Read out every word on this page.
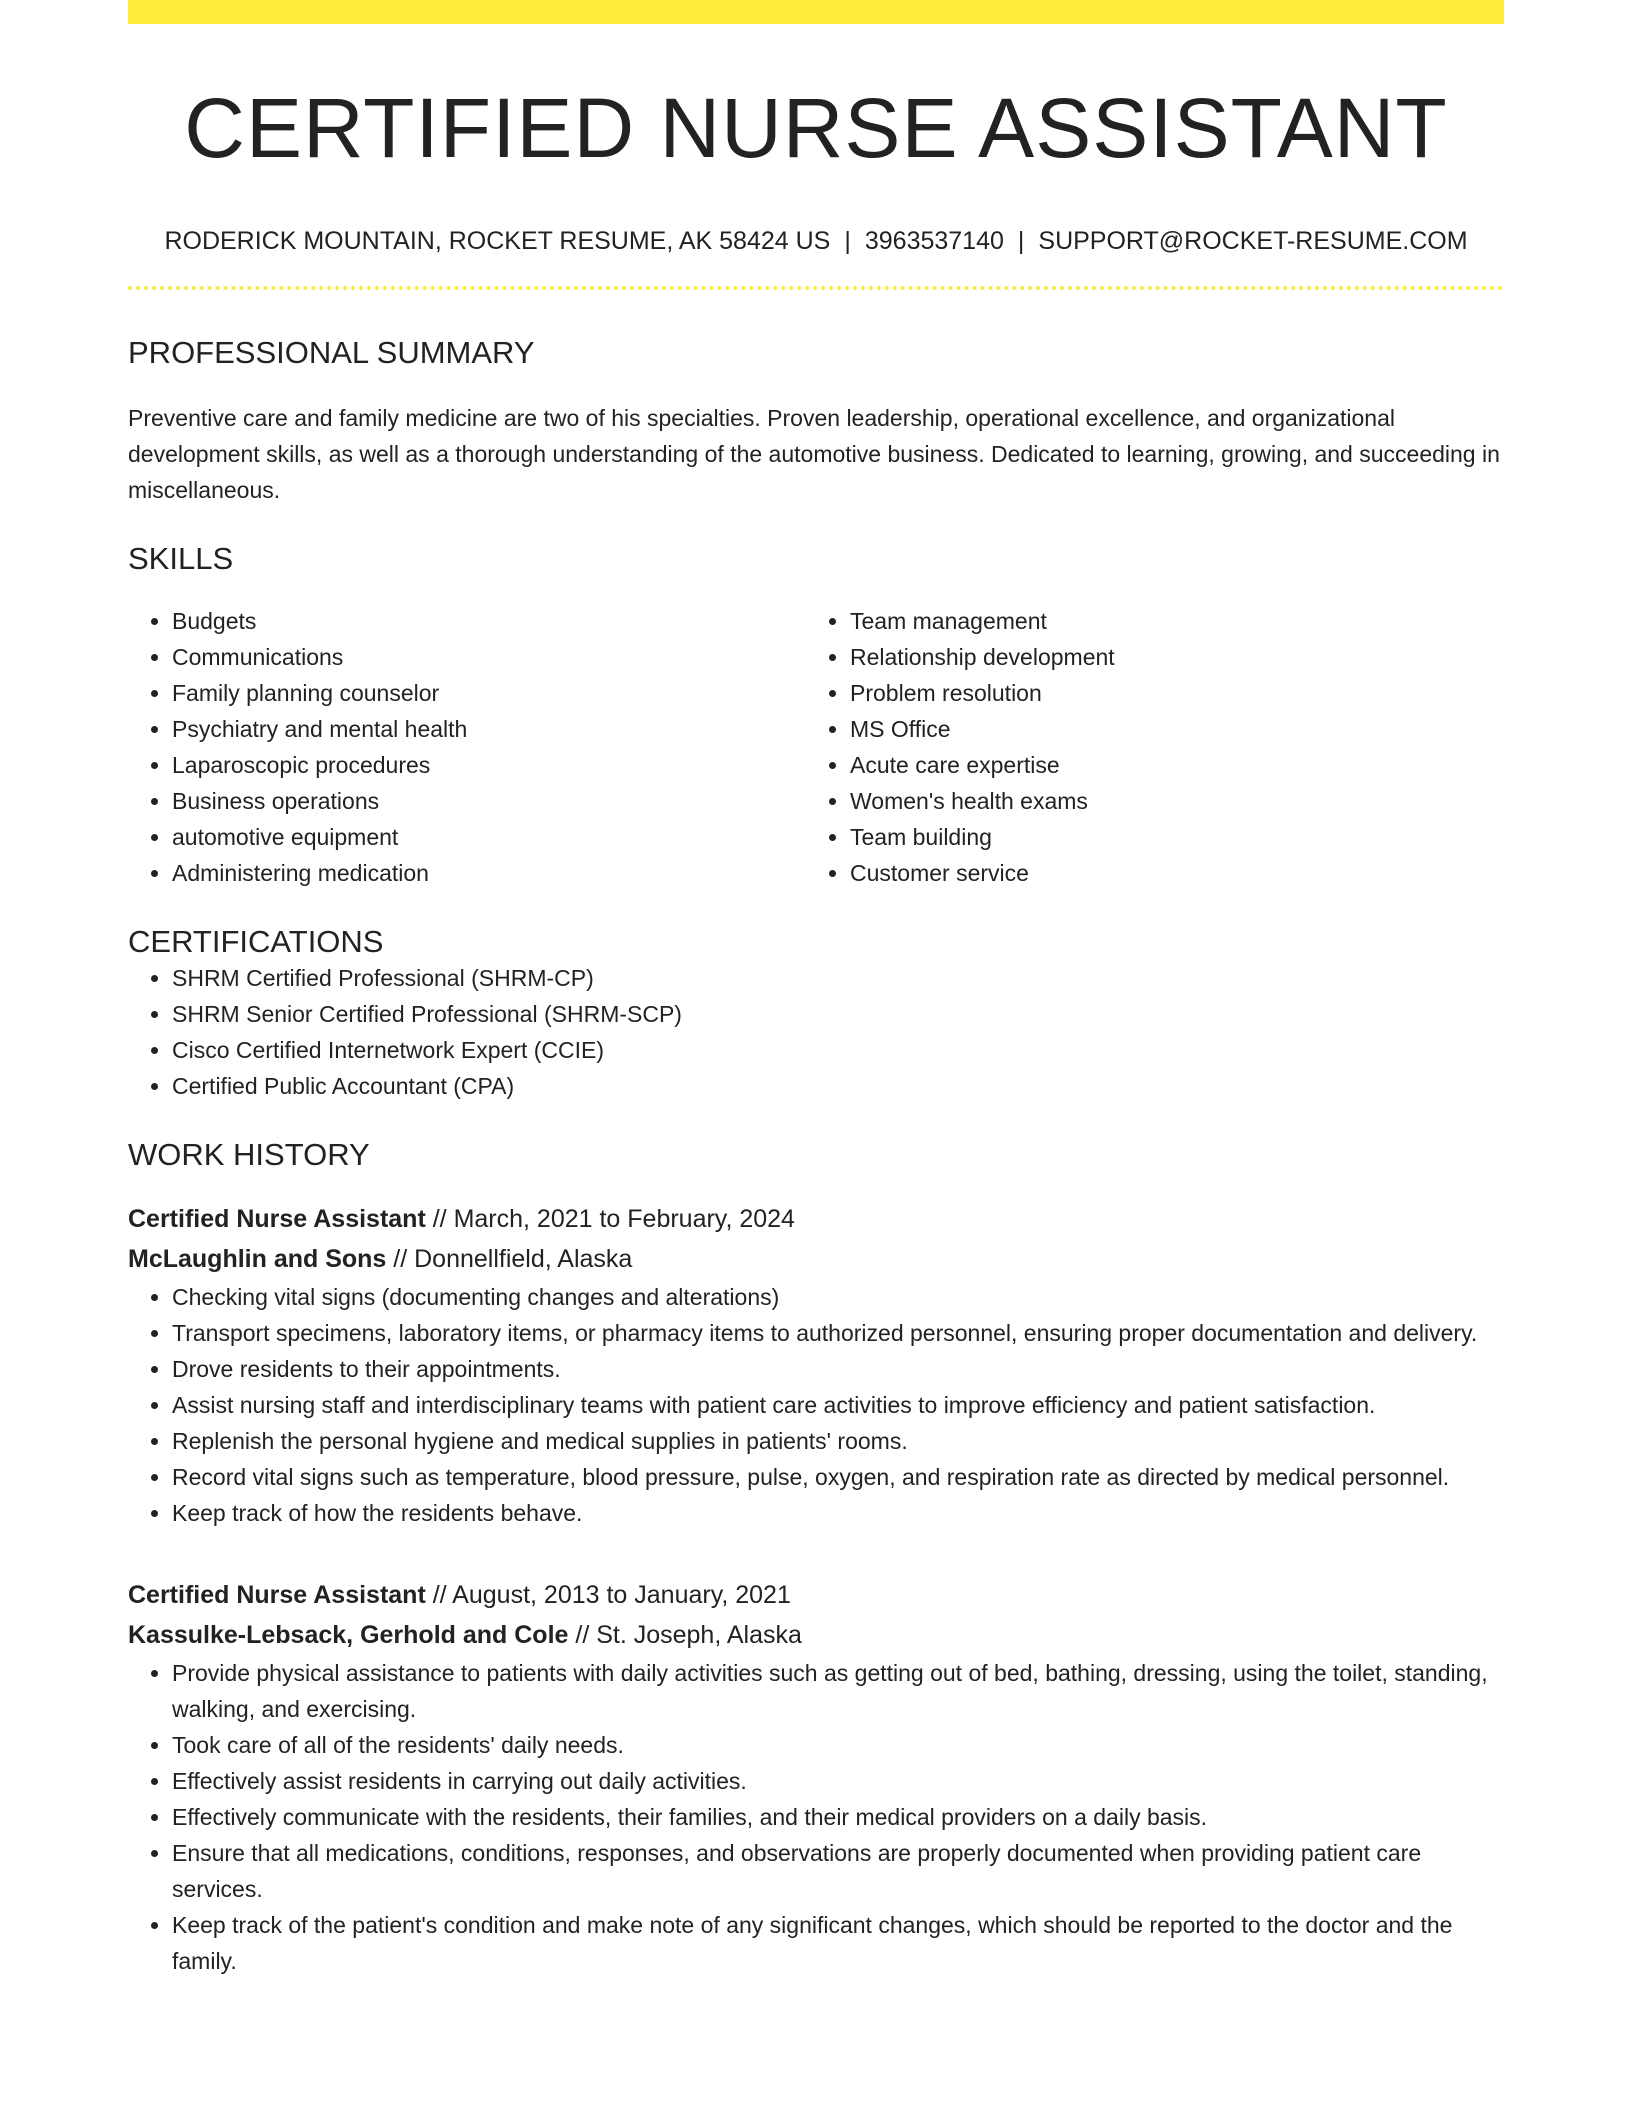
CERTIFIED NURSE ASSISTANT
RODERICK MOUNTAIN, ROCKET RESUME, AK 58424 US | 3963537140 | SUPPORT@ROCKET-RESUME.COM
PROFESSIONAL SUMMARY

Preventive care and family medicine are two of his specialties. Proven leadership, operational excellence, and organizational development skills, as well as a thorough understanding of the automotive business. Dedicated to learning, growing, and succeeding in miscellaneous.

SKILLS
• Budgets
• Communications
• Family planning counselor
• Psychiatry and mental health
• Laparoscopic procedures
• Business operations
• automotive equipment
• Administering medication
• Team management
• Relationship development
• Problem resolution
• MS Office
• Acute care expertise
• Women's health exams
• Team building
• Customer service
CERTIFICATIONS
• SHRM Certified Professional (SHRM-CP)
• SHRM Senior Certified Professional (SHRM-SCP)
• Cisco Certified Internetwork Expert (CCIE)
• Certified Public Accountant (CPA)
WORK HISTORY
Certified Nurse Assistant // March, 2021 to February, 2024
McLaughlin and Sons // Donnellfield, Alaska
• Checking vital signs (documenting changes and alterations)
• Transport specimens, laboratory items, or pharmacy items to authorized personnel, ensuring proper documentation and delivery.
• Drove residents to their appointments.
• Assist nursing staff and interdisciplinary teams with patient care activities to improve efficiency and patient satisfaction.
• Replenish the personal hygiene and medical supplies in patients' rooms.
• Record vital signs such as temperature, blood pressure, pulse, oxygen, and respiration rate as directed by medical personnel.
• Keep track of how the residents behave.
Certified Nurse Assistant // August, 2013 to January, 2021
Kassulke-Lebsack, Gerhold and Cole // St. Joseph, Alaska
• Provide physical assistance to patients with daily activities such as getting out of bed, bathing, dressing, using the toilet, standing, walking, and exercising.
• Took care of all of the residents' daily needs.
• Effectively assist residents in carrying out daily activities.
• Effectively communicate with the residents, their families, and their medical providers on a daily basis.
• Ensure that all medications, conditions, responses, and observations are properly documented when providing patient care services.
• Keep track of the patient's condition and make note of any significant changes, which should be reported to the doctor and the family.
